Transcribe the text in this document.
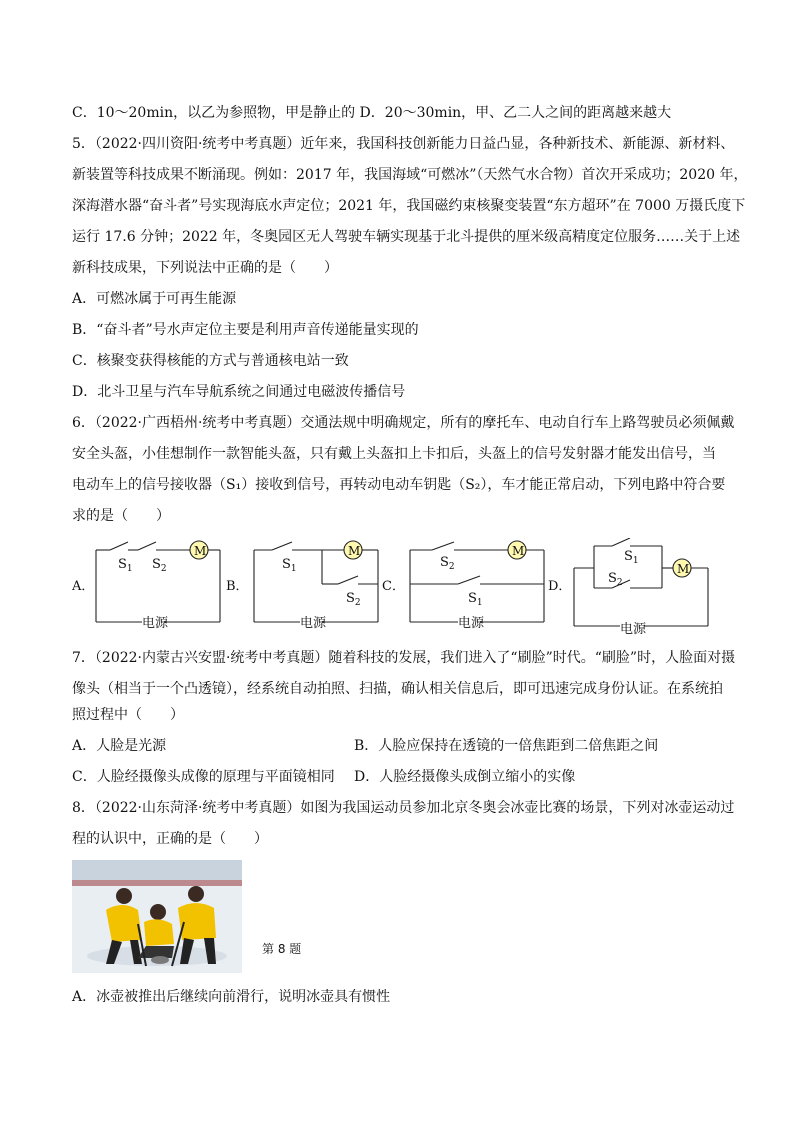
C．10～20min，以乙为参照物，甲是静止的 D．20～30min，甲、乙二人之间的距离越来越大
5．（2022·四川资阳·统考中考真题）近年来，我国科技创新能力日益凸显，各种新技术、新能源、新材料、
新装置等科技成果不断涌现。例如：2017 年，我国海域“可燃冰”（天然气水合物）首次开采成功；2020 年，
深海潜水器“奋斗者”号实现海底水声定位；2021 年，我国磁约束核聚变装置“东方超环”在 7000 万摄氏度下
运行 17.6 分钟；2022 年，冬奥园区无人驾驶车辆实现基于北斗提供的厘米级高精度定位服务……关于上述
新科技成果，下列说法中正确的是（　　）
A．可燃冰属于可再生能源
B．“奋斗者”号水声定位主要是利用声音传递能量实现的
C．核聚变获得核能的方式与普通核电站一致
D．北斗卫星与汽车导航系统之间通过电磁波传播信号
6．（2022·广西梧州·统考中考真题）交通法规中明确规定，所有的摩托车、电动自行车上路驾驶员必须佩戴
安全头盔，小佳想制作一款智能头盔，只有戴上头盔扣上卡扣后，头盔上的信号发射器才能发出信号，当
电动车上的信号接收器（S₁）接收到信号，再转动电动车钥匙（S₂），车才能正常启动，下列电路中符合要
求的是（　　）
A．	B．	C．	D．
M	M	M
M
电源	电源	电源	电源
$S_1$ $S_2$	$S_1$
$S_2$
$S_2$
$S_1$
$S_1$
$S_2$
7．（2022·内蒙古兴安盟·统考中考真题）随着科技的发展，我们进入了“刷脸”时代。“刷脸”时，人脸面对摄
像头（相当于一个凸透镜），经系统自动拍照、扫描，确认相关信息后，即可迅速完成身份认证。在系统拍
照过程中（　　）
A．人脸是光源	B．人脸应保持在透镜的一倍焦距到二倍焦距之间
C．人脸经摄像头成像的原理与平面镜相同 D．人脸经摄像头成倒立缩小的实像
8．（2022·山东菏泽·统考中考真题）如图为我国运动员参加北京冬奥会冰壶比赛的场景，下列对冰壶运动过
程的认识中，正确的是（　　）
第 8 题
A．冰壶被推出后继续向前滑行，说明冰壶具有惯性
